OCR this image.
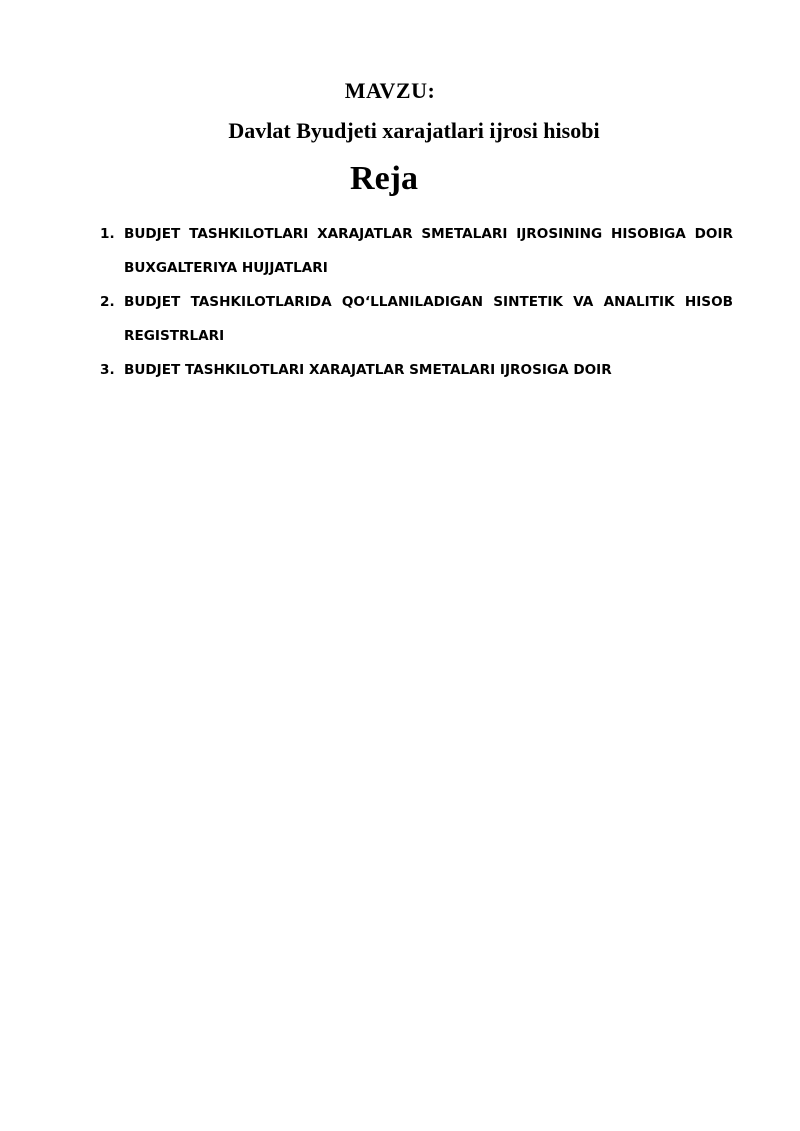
MAVZU:
Davlat Byudjeti xarajatlari ijrosi hisobi
Reja
1. BUDJET TASHKILOTLARI XARAJATLAR SMETALARI IJROSINING HISOBIGA DOIR BUXGALTERIYA HUJJATLARI
2. BUDJET TASHKILOTLARIDA QO‘LLANILADIGAN SINTETIK VA ANALITIK HISOB REGISTRLARI
3. BUDJET TASHKILOTLARI XARAJATLAR SMETALARI IJROSIGA DOIR
